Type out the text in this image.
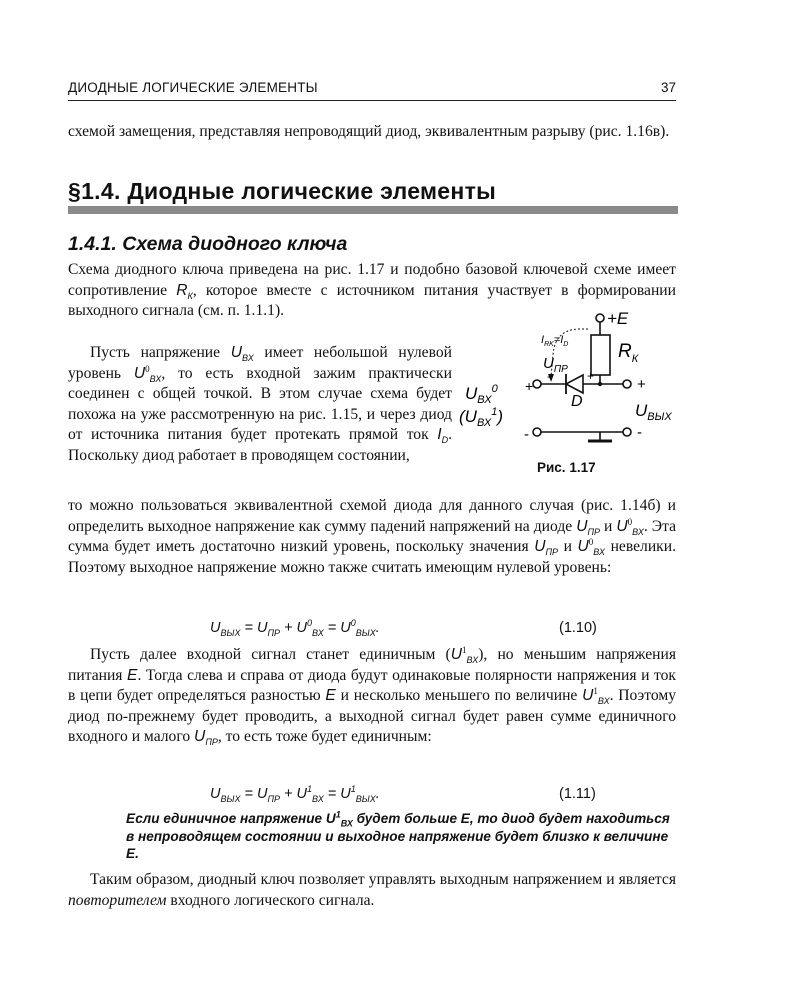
ДИОДНЫЕ ЛОГИЧЕСКИЕ ЭЛЕМЕНТЫ	37

схемой замещения, представляя непроводящий диод, эквивалентным разрыву (рис. 1.16в).

§1.4. Диодные логические элементы
1.4.1. Схема диодного ключа

Схема диодного ключа приведена на рис. 1.17 и подобно базовой ключевой схеме имеет сопротивление $R_К$, которое вместе с источником питания участвует в формировании выходного сигнала (см. п. 1.1.1).

Пусть напряжение $U_{ВХ}$ имеет небольшой нулевой уровень $U^0_{ВХ}$, то есть входной зажим практически соединен с общей точкой. В этом случае схема будет похожа на уже рассмотренную на рис. 1.15, и через диод от источника питания будет протекать прямой ток $I_D$. Поскольку диод работает в проводящем состоянии,

то можно пользоваться эквивалентной схемой диода для данного случая (рис. 1.14б) и определить выходное напряжение как сумму падений напряжений на диоде $U_{ПР}$ и $U^0_{ВХ}$. Эта сумма будет иметь достаточно низкий уровень, поскольку значения $U_{ПР}$ и $U^0_{ВХ}$ невелики. Поэтому выходное напряжение можно также считать имеющим нулевой уровень:

$U_{ВЫХ} = U_{ПР} + U^0_{ВХ} = U^0_{ВЫХ}$.	(1.10)

Пусть далее входной сигнал станет единичным $(U^1_{ВХ})$, но меньшим напряжения питания E. Тогда слева и справа от диода будут одинаковые полярности напряжения и ток в цепи будет определяться разностью E и несколько меньшего по величине $U^1_{ВХ}$. Поэтому диод по-прежнему будет проводить, а выходной сигнал будет равен сумме единичного входного и малого $U_{ПР}$, то есть тоже будет единичным:

$U_{ВЫХ} = U_{ПР} + U^1_{ВХ} = U^1_{ВЫХ}$.	(1.11)
Если единичное напряжение $U^1_{ВХ}$ будет больше E, то диод будет находиться в непроводящем состоянии и выходное напряжение будет близко к величине E.

Таким образом, диодный ключ позволяет управлять выходным напряжением и является повторителем входного логического сигнала.

+E
$R_К$
$I_{RK}=I_D$
$U_{ПР}$
-	+
D
+
$U_{ВЫХ}$
+
$U_{ВХ}^0$
$(U_{ВХ}^1)$
-	-
Рис. 1.17
